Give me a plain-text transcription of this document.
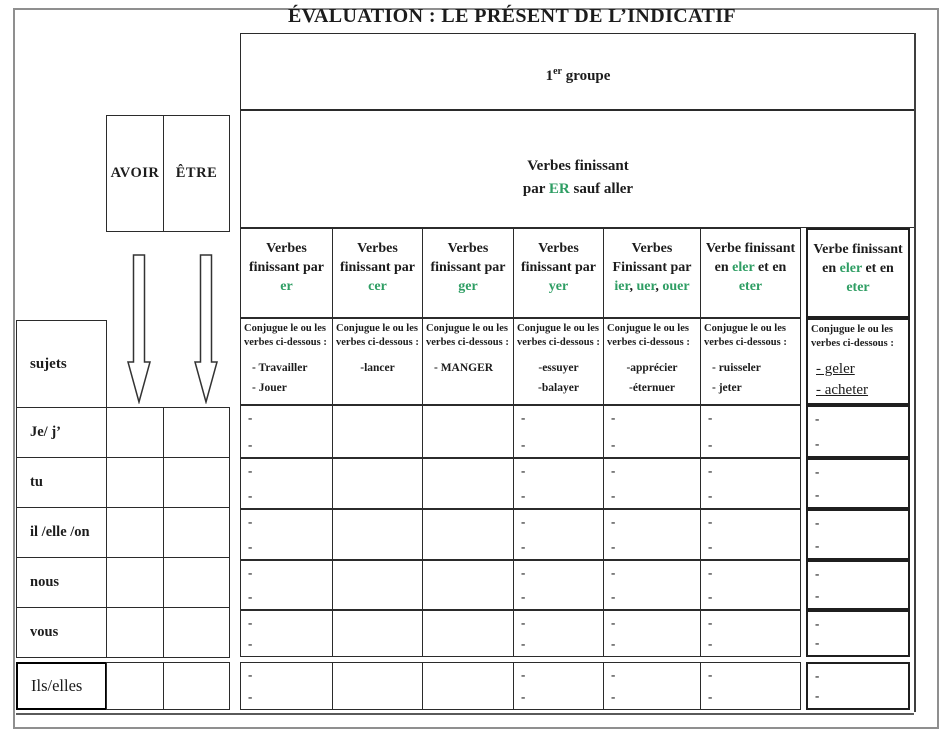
ÉVALUATION : LE PRÉSENT DE L’INDICATIF
AVOIR	ÊTRE
sujets
Je/ j’
tu
il /elle /on
nous
vous
Ils/elles
1er groupe
Verbes finissant
par ER sauf aller
Verbes finissant par er
Conjugue le ou les verbes ci-dessous :
- Travailler
- Jouer
-
-
-
-
-
-
-
-
-
-
-
-
Verbes finissant par cer
Conjugue le ou les verbes ci-dessous :
-lancer
Verbes finissant par ger
Conjugue le ou les verbes ci-dessous :
- MANGER
Verbes finissant par yer
Conjugue le ou les verbes ci-dessous :
-essuyer
-balayer
-
-
-
-
-
-
-
-
-
-
-
-
Verbes Finissant par ier, uer, ouer
Conjugue le ou les verbes ci-dessous :
-apprécier
-éternuer
-
-
-
-
-
-
-
-
-
-
-
-
Verbe finissant en eler et en eter
Conjugue le ou les verbes ci-dessous :
- ruisseler
- jeter
-
-
-
-
-
-
-
-
-
-
-
-
Verbe finissant en eler et en eter
Conjugue le ou les verbes ci-dessous :
- geler
- acheter
-
-
-
-
-
-
-
-
-
-
-
-
